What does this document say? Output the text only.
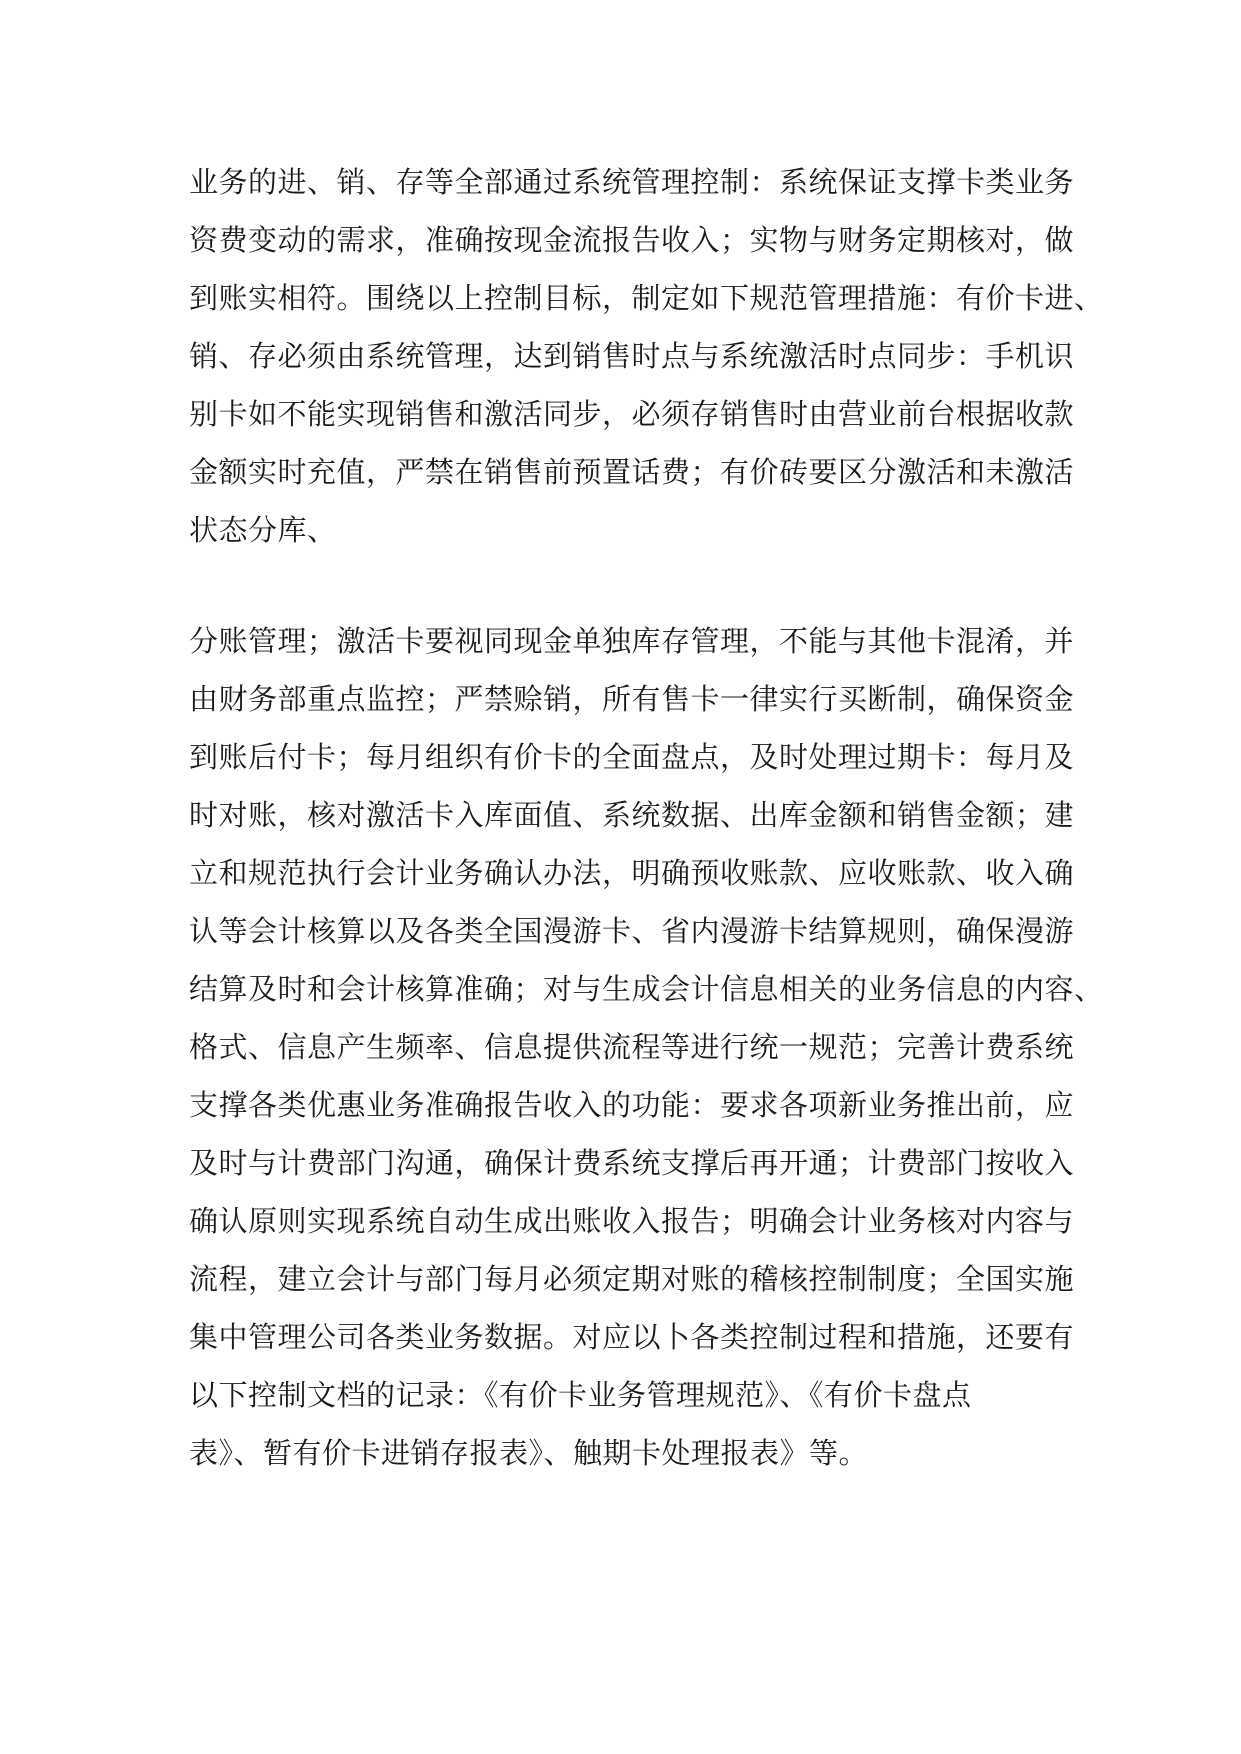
业务的进、销、存等全部通过系统管理控制：系统保证支撑卡类业务
资费变动的需求，准确按现金流报告收入；实物与财务定期核对，做
到账实相符。围绕以上控制目标，制定如下规范管理措施：有价卡进、
销、存必须由系统管理，达到销售时点与系统激活时点同步：手机识
别卡如不能实现销售和激活同步，必须存销售时由营业前台根据收款
金额实时充值，严禁在销售前预置话费；有价砖要区分激活和未激活
状态分库、
分账管理；激活卡要视同现金单独库存管理，不能与其他卡混淆，并
由财务部重点监控；严禁赊销，所有售卡一律实行买断制，确保资金
到账后付卡；每月组织有价卡的全面盘点，及时处理过期卡：每月及
时对账，核对激活卡入库面值、系统数据、出库金额和销售金额；建
立和规范执行会计业务确认办法，明确预收账款、应收账款、收入确
认等会计核算以及各类全国漫游卡、省内漫游卡结算规则，确保漫游
结算及时和会计核算准确；对与生成会计信息相关的业务信息的内容、
格式、信息产生频率、信息提供流程等进行统一规范；完善计费系统
支撑各类优惠业务准确报告收入的功能：要求各项新业务推出前，应
及时与计费部门沟通，确保计费系统支撑后再开通；计费部门按收入
确认原则实现系统自动生成出账收入报告；明确会计业务核对内容与
流程，建立会计与部门每月必须定期对账的稽核控制制度；全国实施
集中管理公司各类业务数据。对应以卜各类控制过程和措施，还要有
以下控制文档的记录：《有价卡业务管理规范》、《有价卡盘点
表》、暂有价卡进销存报表》、触期卡处理报表》等。
